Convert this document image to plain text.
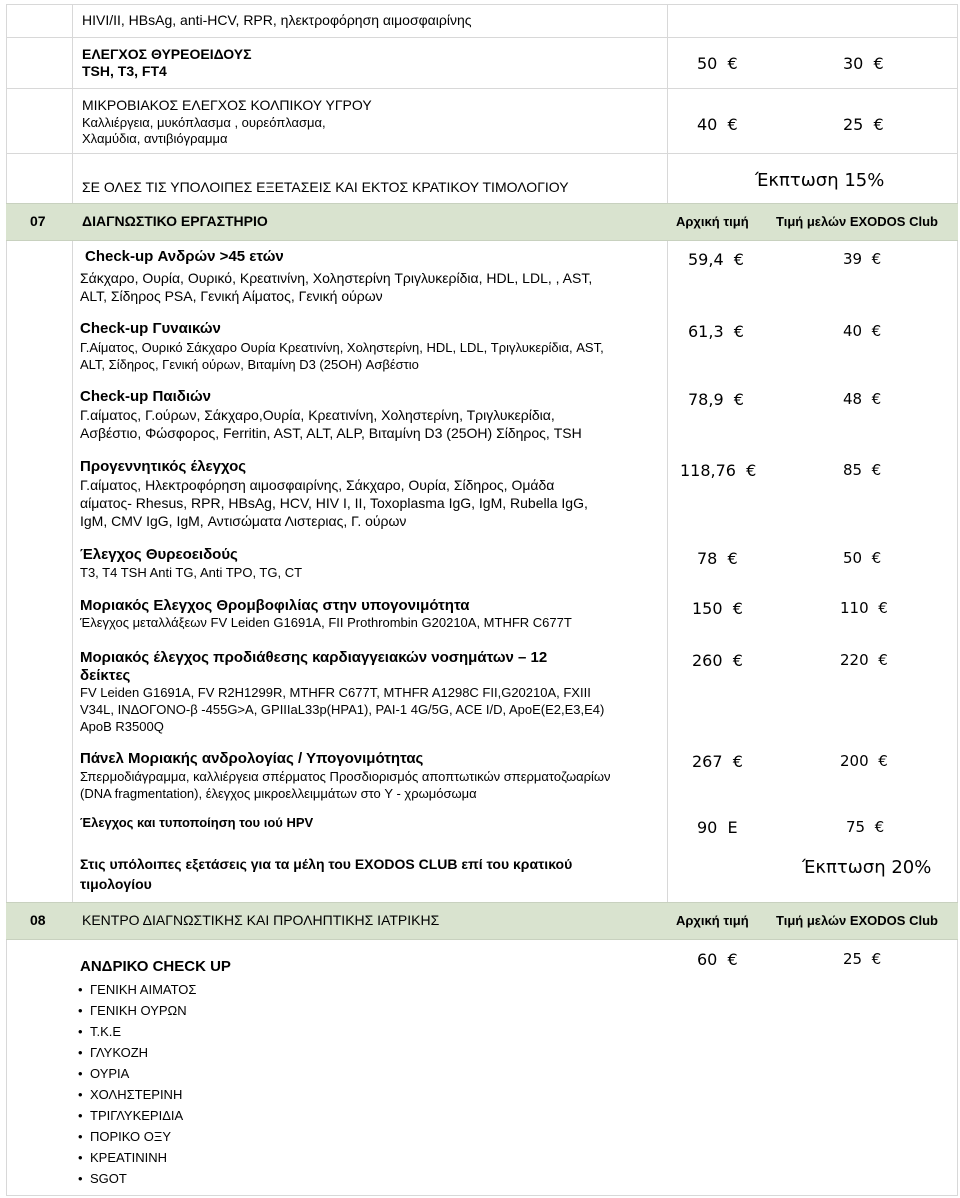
HIVI/II, HBsAg, anti-HCV, RPR, ηλεκτροφόρηση αιμοσφαιρίνης
ΕΛΕΓΧΟΣ ΘΥΡΕΟΕΙΔΟΥΣ
TSH, T3, FT4	50 €	30 €
ΜΙΚΡΟΒΙΑΚΟΣ ΕΛΕΓΧΟΣ ΚΟΛΠΙΚΟΥ ΥΓΡΟΥ
Καλλιέργεια, μυκόπλασμα , ουρεόπλασμα,
Χλαμύδια, αντιβιόγραμμα
40 €	25 €
ΣΕ ΟΛΕΣ ΤΙΣ ΥΠΟΛΟΙΠΕΣ ΕΞΕΤΑΣΕΙΣ ΚΑΙ ΕΚΤΟΣ ΚΡΑΤΙΚΟΥ ΤΙΜΟΛΟΓΙΟΥ	Έκπτωση 15%
07	ΔΙΑΓΝΩΣΤΙΚΟ ΕΡΓΑΣΤΗΡΙΟ	Αρχική τιμή Τιμή μελών EXODOS Club
Check-up Ανδρών >45 ετών
Σάκχαρο, Ουρία, Ουρικό, Κρεατινίνη, Χοληστερίνη Τριγλυκερίδια, HDL, LDL, , AST,
ALT, Σίδηρος PSA, Γενική Αίματος, Γενική ούρων
59,4 €	39 €
Check-up Γυναικών
Γ.Αίματος, Ουρικό Σάκχαρο Ουρία Κρεατινίνη, Χοληστερίνη, HDL, LDL, Τριγλυκερίδια, AST,
ALT, Σίδηρος, Γενική ούρων, Βιταμίνη D3 (25OH) Ασβέστιο
61,3 €	40 €
Check-up Παιδιών
Γ.αίματος, Γ.ούρων, Σάκχαρο,Ουρία, Κρεατινίνη, Χοληστερίνη, Τριγλυκερίδια,
Ασβέστιο, Φώσφορος, Ferritin, AST, ALT, ALP, Βιταμίνη D3 (25OH) Σίδηρος, TSH
78,9 €	48 €
Προγεννητικός έλεγχος
Γ.αίματος, Ηλεκτροφόρηση αιμοσφαιρίνης, Σάκχαρο, Ουρία, Σίδηρος, Ομάδα
αίματος- Rhesus, RPR, HBsAg, HCV, HIV I, II, Toxoplasma IgG, IgM, Rubella IgG,
IgM, CMV IgG, IgM, Αντισώματα Λιστεριας, Γ. ούρων
118,76 €	85 €
Έλεγχος Θυρεοειδούς
T3, T4 TSH Anti TG, Anti TPO, TG, CT
78 €	50 €
Μοριακός Ελεγχος Θρομβοφιλίας στην υπογονιμότητα
Έλεγχος μεταλλάξεων FV Leiden G1691A, FII Prothrombin G20210A, MTHFR C677T
150 €	110 €
Μοριακός έλεγχος προδιάθεσης καρδιαγγειακών νοσημάτων – 12
δείκτες
FV Leiden G1691A, FV R2H1299R, MTHFR C677T, MTHFR A1298C FII,G20210A, FXIII
V34L, INΔΟΓΟΝΟ-β -455G>A, GPIIIaL33p(HPA1), PAI-1 4G/5G, ACE I/D, ApoE(E2,E3,E4)
ApoB R3500Q
260 €	220 €
Πάνελ Μοριακής ανδρολογίας / Υπογονιμότητας
Σπερμοδιάγραμμα, καλλιέργεια σπέρματος Προσδιορισμός αποπτωτικών σπερματοζωαρίων
(DNA fragmentation), έλεγχος μικροελλειμμάτων στο Y - χρωμόσωμα
267 €	200 €
Έλεγχος και τυποποίηση του ιού HPV	90 E	75 €
Στις υπόλοιπες εξετάσεις για τα μέλη του EXODOS CLUB επί του κρατικού
τιμολογίου
Έκπτωση 20%
08	ΚΕΝΤΡΟ ΔΙΑΓΝΩΣΤΙΚΗΣ ΚΑΙ ΠΡΟΛΗΠΤΙΚΗΣ ΙΑΤΡΙΚΗΣ	Αρχική τιμή Τιμή μελών EXODOS Club
ΑΝΔΡΙΚΟ CHECK UP	60 €	25 €
• ΓΕΝΙΚΗ ΑΙΜΑΤΟΣ
• ΓΕΝΙΚΗ ΟΥΡΩΝ
• Τ.Κ.Ε
• ΓΛΥΚΟΖΗ
• ΟΥΡΙΑ
• ΧΟΛΗΣΤΕΡΙΝΗ
• ΤΡΙΓΛΥΚΕΡΙΔΙΑ
• ΠΟΡΙΚΟ ΟΞΥ
• ΚΡΕΑΤΙΝΙΝΗ
• SGOT
